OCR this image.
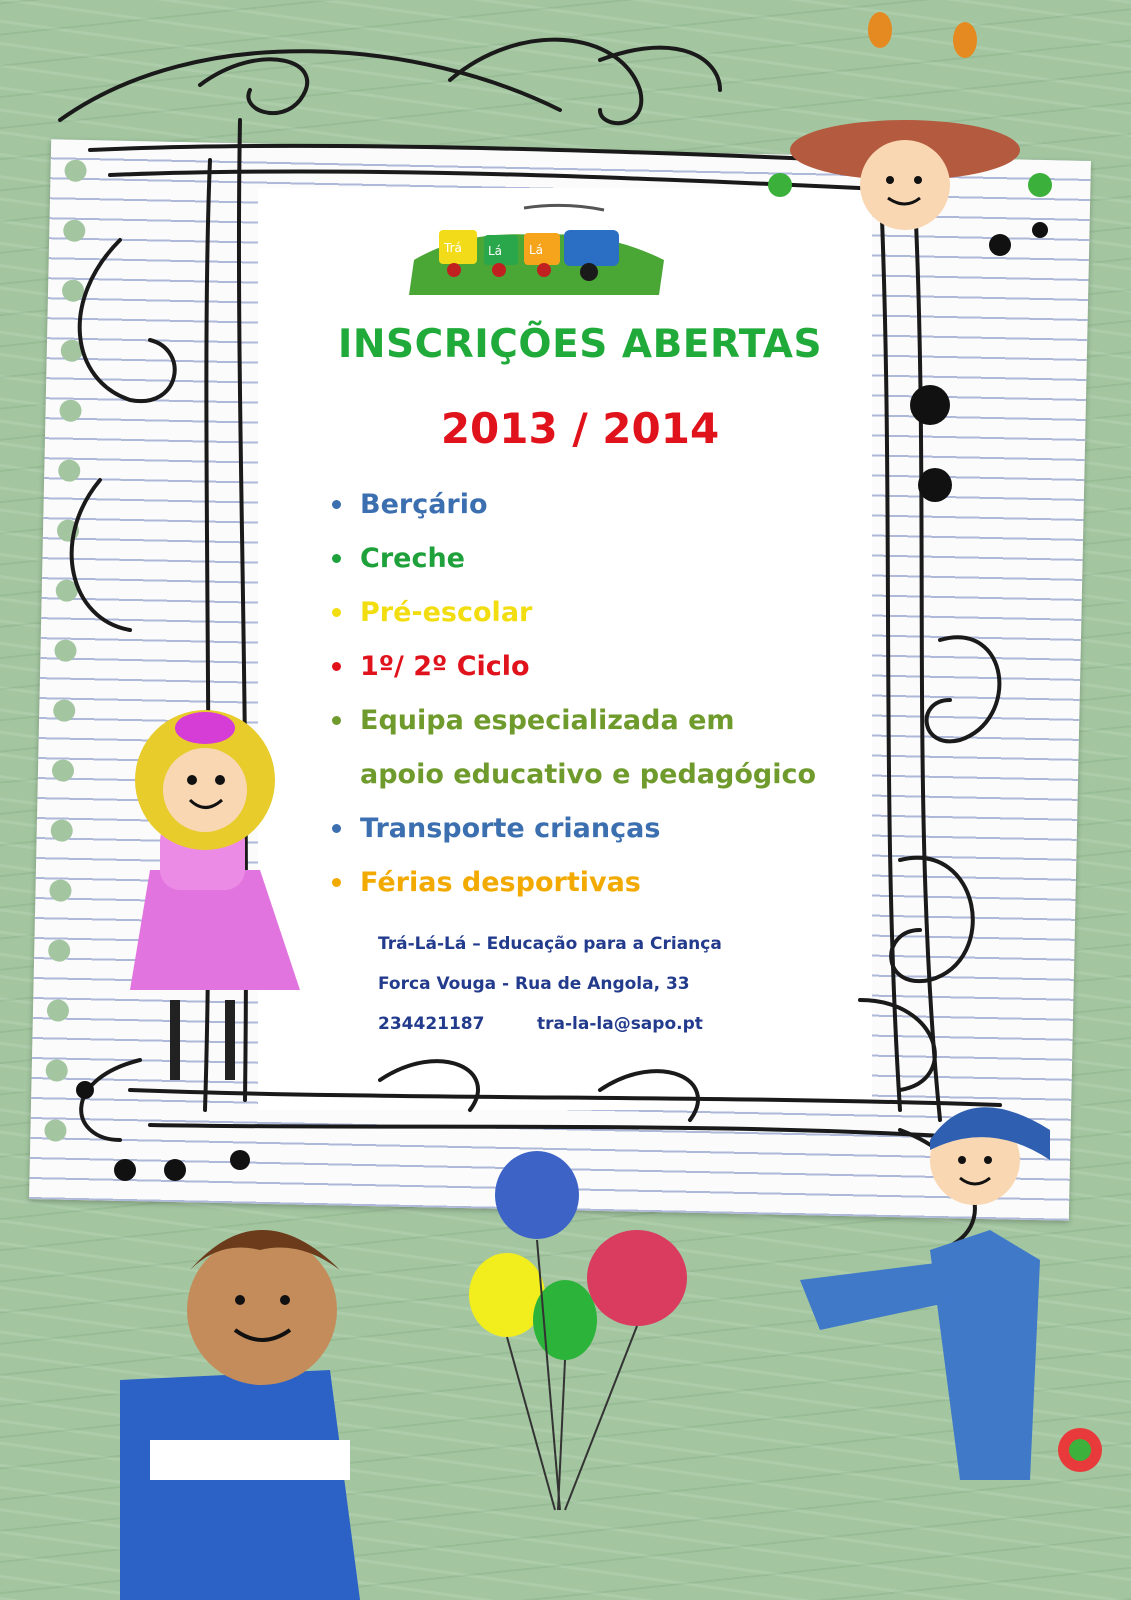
Trá Lá Lá
INSCRIÇÕES ABERTAS
2013 / 2014
Berçário
Creche
Pré-escolar
1º/ 2º Ciclo
Equipa especializada em
apoio educativo e pedagógico
Transporte crianças
Férias desportivas
Trá-Lá-Lá – Educação para a Criança
Forca Vouga - Rua de Angola, 33
234421187	tra-la-la@sapo.pt
